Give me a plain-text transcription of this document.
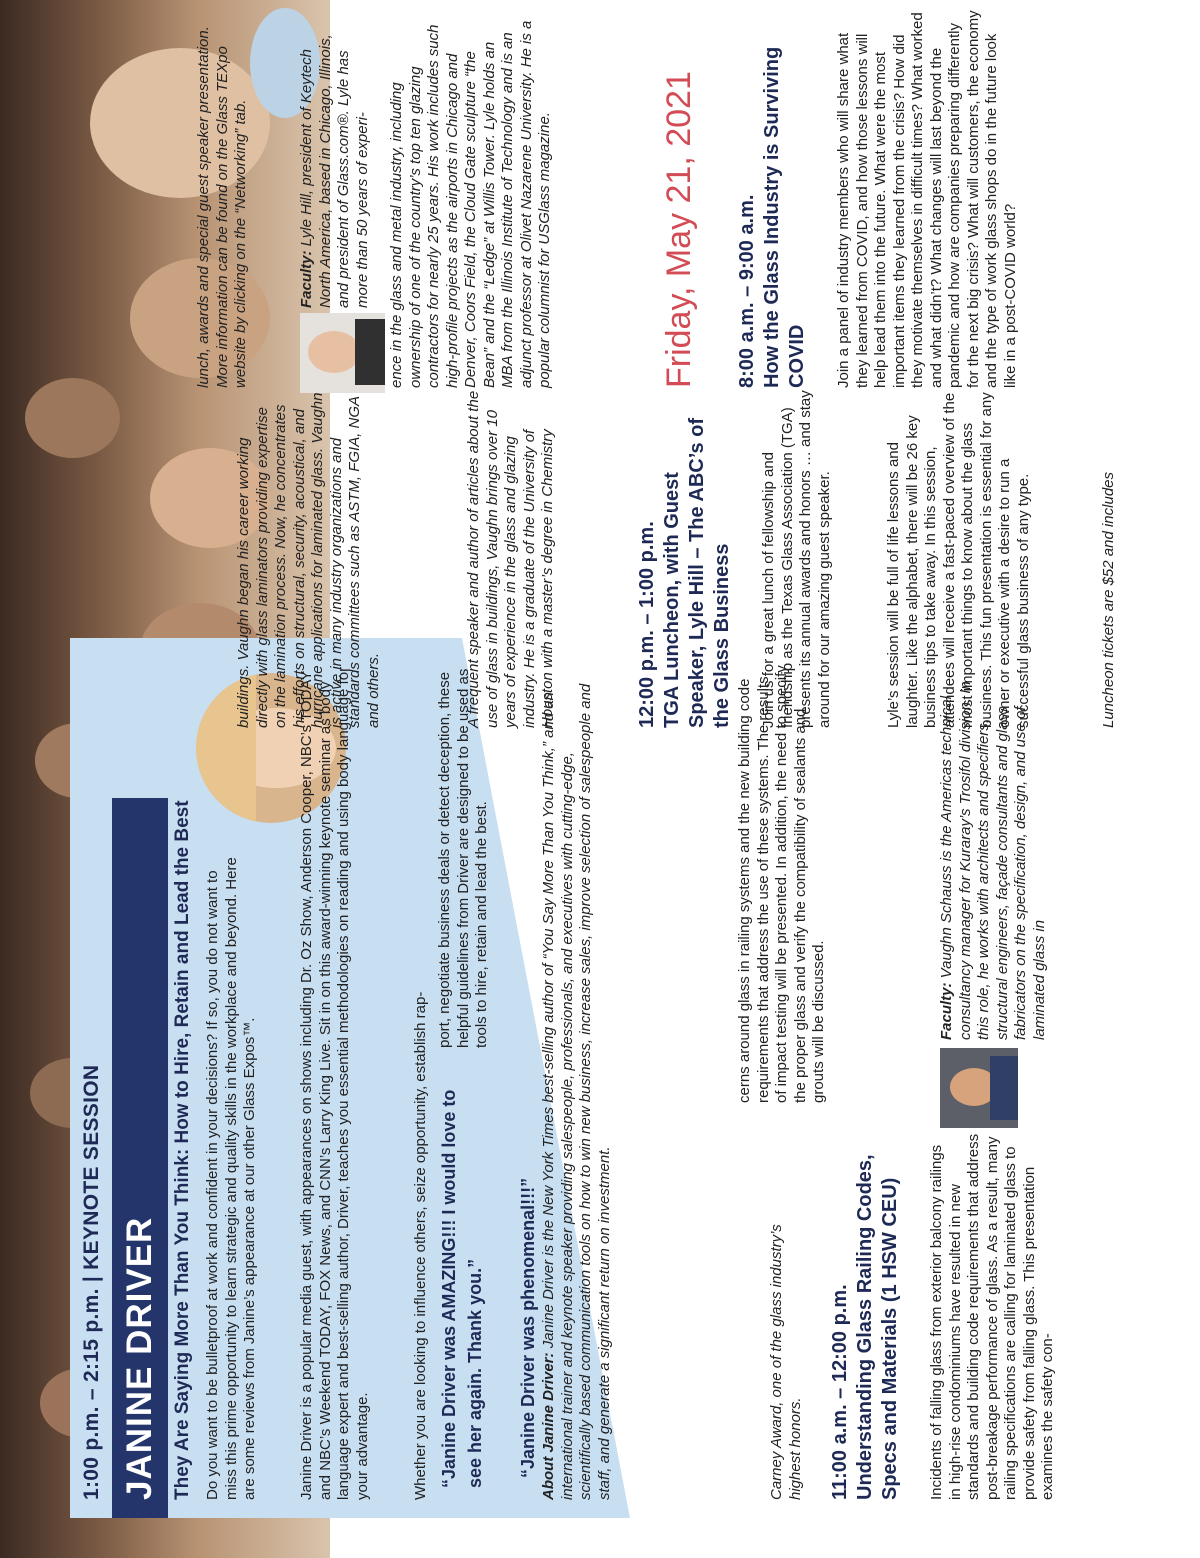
1:00 p.m. – 2:15 p.m. | KEYNOTE SESSION
JANINE DRIVER They Are Saying More Than You Think: How to Hire, Retain and Lead the Best Do you want to be bulletproof at work and confident in your decisions? If so, you do not want to miss this prime opportunity to learn strategic and quality skills in the workplace and beyond. Here are some reviews from Janine’s appearance at our other Glass Expos™.	Janine Driver is a popular media guest, with appearances on shows including Dr. Oz Show, Anderson Cooper, NBC’s TODAY and NBC’s Weekend TODAY, FOX News, and CNN’s Larry King Live. Sit in on this award-winning keynote seminar as body language expert and best-selling author, Driver, teaches you essential methodologies on reading and using body language for your advantage.	Whether you are looking to influence others, seize opportunity, establish rap- “Janine Driver was AMAZING!!! I would love to see her again. Thank you.”

port, negotiate business deals or detect deception, these helpful guidelines from Driver are designed to be used as tools to hire, retain and lead the best.

“Janine Driver was phenomenal!!!” About Janine Driver: Janine Driver is the New York Times best-selling author of “You Say More Than You Think,” and an international trainer and keynote speaker providing salespeople, professionals, and executives with cutting-edge, scientifically based communication tools on how to win new business, increase sales, improve selection of salespeople and staff, and generate a significant return on investment.	Carney Award, one of the glass industry’s highest honors. 11:00 a.m. – 12:00 p.m. Understanding Glass Railing Codes, Specs and Materials (1 HSW CEU) Incidents of falling glass from exterior balcony railings in high-rise condominiums have resulted in new standards and building code requirements that address post-breakage performance of glass. As a result, many railing specifications are calling for laminated glass to provide safety from falling glass. This presentation examines the safety con-

cerns around glass in railing systems and the new building code requirements that address the use of these systems. The results of impact testing will be presented. In addition, the need to specify the proper glass and verify the compatibility of sealants and grouts will be discussed.	Faculty: Vaughn Schauss is the Americas technical consultancy manager for Kuraray’s Trosifol division. In this role, he works with architects and specifiers, structural engineers, façade consultants and glass fabricators on the specification, design, and use of laminated glass in

buildings. Vaughn began his career working directly with glass laminators providing expertise on the lamination process. Now, he concentrates his efforts on structural, security, acoustical, and hurricane applications for laminated glass. Vaughn is active in many industry organizations and standards committees such as ASTM, FGIA, NGA and others.	A frequent speaker and author of articles about the use of glass in buildings, Vaughn brings over 10 years of experience in the glass and glazing industry. He is a graduate of the University of Houston with a master’s degree in Chemistry	12:00 p.m. – 1:00 p.m. TGA Luncheon, with Guest Speaker, Lyle Hill – The ABC’s of the Glass Business Join us for a great lunch of fellowship and friendship as the Texas Glass Association (TGA) presents its annual awards and honors … and stay around for our amazing guest speaker.	Lyle’s session will be full of life lessons and laughter. Like the alphabet, there will be 26 key business tips to take away. In this session, attendees will receive a fast-paced overview of the most important things to know about the glass business. This fun presentation is essential for any owner or executive with a desire to run a successful glass business of any type.	Luncheon tickets are $52 and includes

lunch, awards and special guest speaker presentation. More information can be found on the Glass TEXpo website by clicking on the “Networking” tab.	Faculty: Lyle Hill, president of Keytech North America, based in Chicago, Illinois, and president of Glass.com®. Lyle has more than 50 years of experi- ence in the glass and metal industry, including ownership of one of the country’s top ten glazing contractors for nearly 25 years. His work includes such high-profile projects as the airports in Chicago and Denver, Coors Field, the Cloud Gate sculpture “the Bean” and the “Ledge” at Willis Tower. Lyle holds an MBA from the Illinois Institute of Technology and is an adjunct professor at Olivet Nazarene University. He is a popular columnist for USGlass magazine.	Friday, May 21, 2021 8:00 a.m. – 9:00 a.m. How the Glass Industry is Surviving COVID Join a panel of industry members who will share what they learned from COVID, and how those lessons will help lead them into the future. What were the most important items they learned from the crisis? How did they motivate themselves in difficult times? What worked and what didn’t? What changes will last beyond the pandemic and how are companies preparing differently for the next big crisis? What will customers, the economy and the type of work glass shops do in the future look like in a post-COVID world?
